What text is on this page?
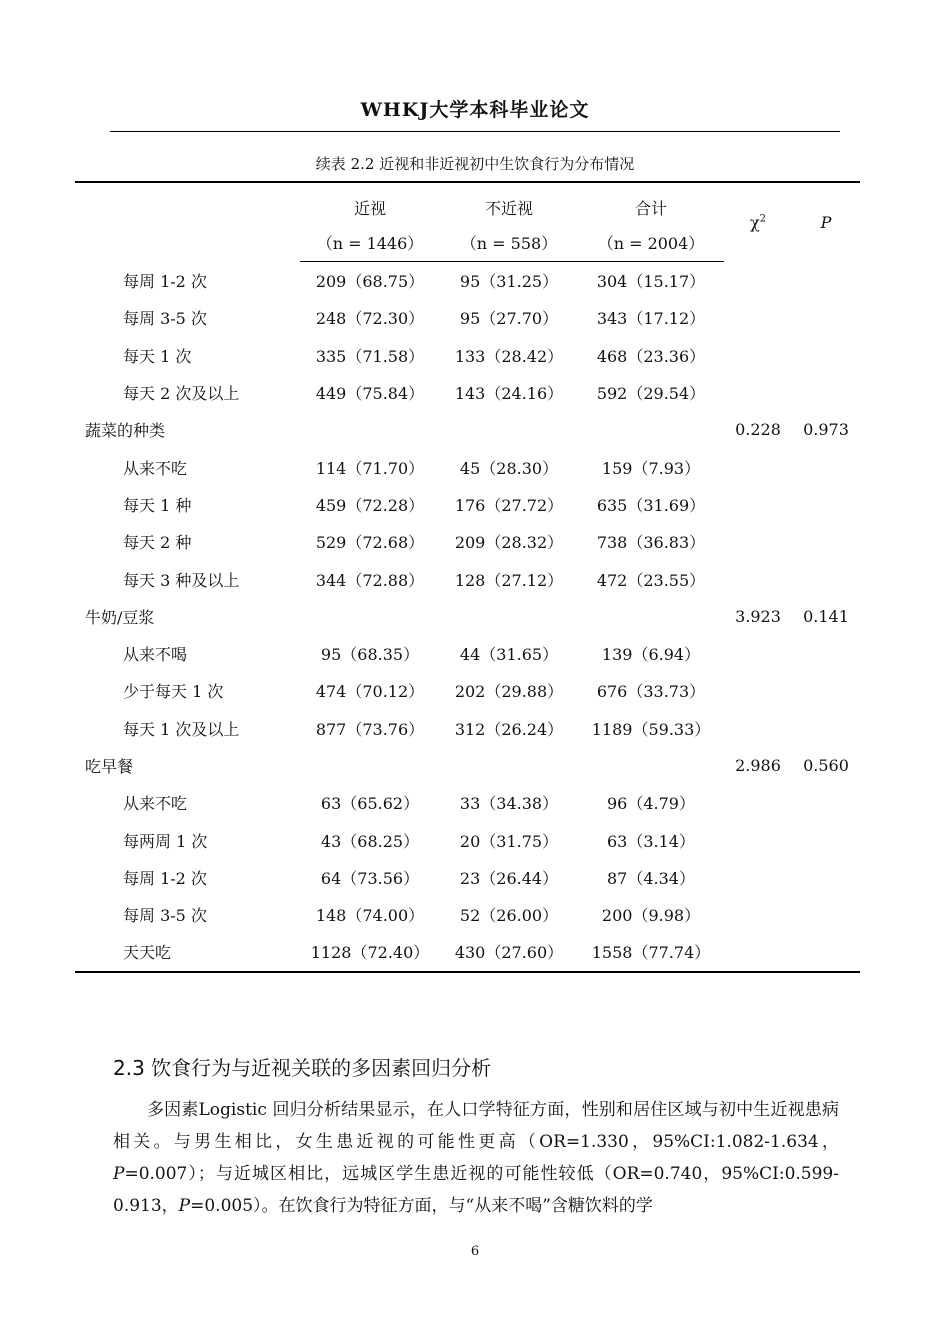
WHKJ大学本科毕业论文
续表 2.2 近视和非近视初中生饮食行为分布情况
	近视	不近视	合计	$\chi^2$	P
	（n = 1446）	（n = 558）	（n = 2004）		
每周 1-2 次	209（68.75）	95（31.25）	304（15.17）		
每周 3-5 次	248（72.30）	95（27.70）	343（17.12）		
每天 1 次	335（71.58）	133（28.42）	468（23.36）		
每天 2 次及以上	449（75.84）	143（24.16）	592（29.54）		
蔬菜的种类				0.228	0.973
从来不吃	114（71.70）	45（28.30）	159（7.93）		
每天 1 种	459（72.28）	176（27.72）	635（31.69）		
每天 2 种	529（72.68）	209（28.32）	738（36.83）		
每天 3 种及以上	344（72.88）	128（27.12）	472（23.55）		
牛奶/豆浆				3.923	0.141
从来不喝	95（68.35）	44（31.65）	139（6.94）		
少于每天 1 次	474（70.12）	202（29.88）	676（33.73）		
每天 1 次及以上	877（73.76）	312（26.24）	1189（59.33）		
吃早餐				2.986	0.560
从来不吃	63（65.62）	33（34.38）	96（4.79）		
每两周 1 次	43（68.25）	20（31.75）	63（3.14）		
每周 1-2 次	64（73.56）	23（26.44）	87（4.34）		
每周 3-5 次	148（74.00）	52（26.00）	200（9.98）		
天天吃	1128（72.40）	430（27.60）	1558（77.74）		
2.3 饮食行为与近视关联的多因素回归分析
多因素Logistic 回归分析结果显示，在人口学特征方面，性别和居住区域与初中生近视患病相关。与男生相比，女生患近视的可能性更高（OR=1.330，95%CI:1.082-1.634，P=0.007）；与近城区相比，远城区学生患近视的可能性较低（OR=0.740，95%CI:0.599-0.913，P=0.005）。在饮食行为特征方面，与“从来不喝”含糖饮料的学
6
